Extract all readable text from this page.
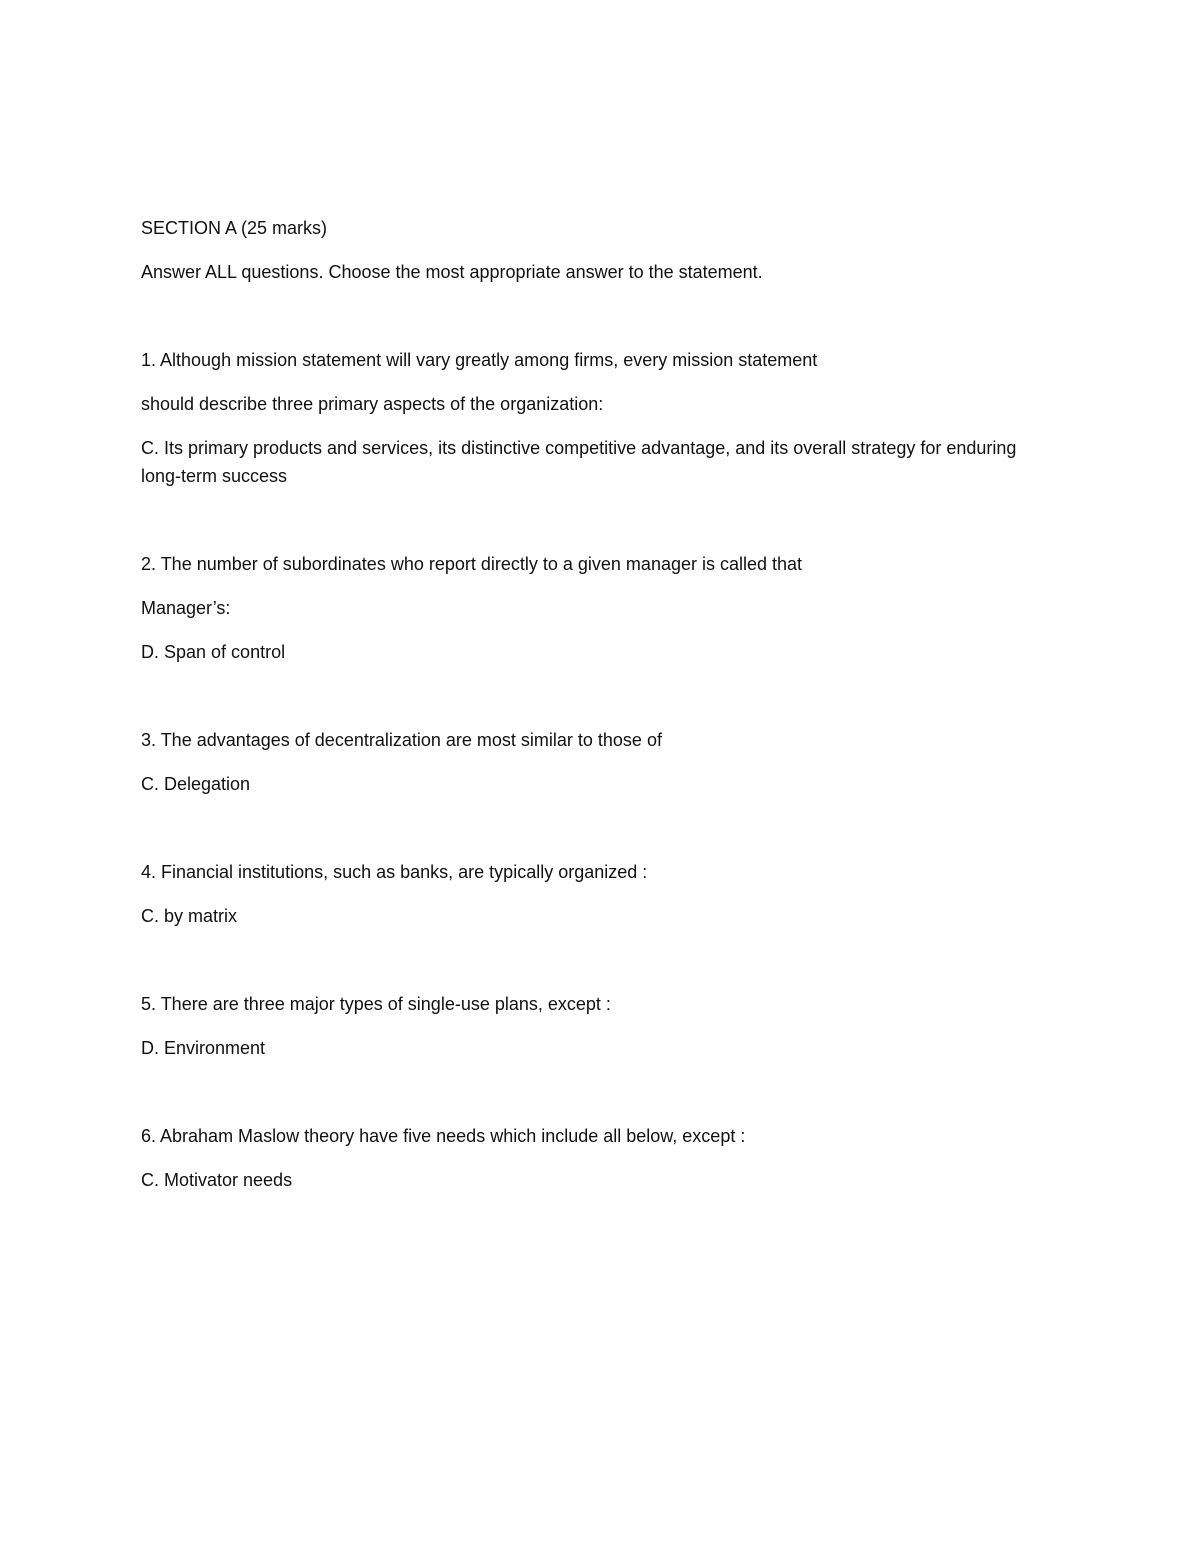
SECTION A (25 marks)

Answer ALL questions. Choose the most appropriate answer to the statement.

1. Although mission statement will vary greatly among firms, every mission statement

should describe three primary aspects of the organization:

C. Its primary products and services, its distinctive competitive advantage, and its overall strategy for enduring long-term success

2. The number of subordinates who report directly to a given manager is called that

Manager’s:

D. Span of control

3. The advantages of decentralization are most similar to those of

C. Delegation

4. Financial institutions, such as banks, are typically organized :

C. by matrix

5. There are three major types of single-use plans, except :

D. Environment

6. Abraham Maslow theory have five needs which include all below, except :

C. Motivator needs
